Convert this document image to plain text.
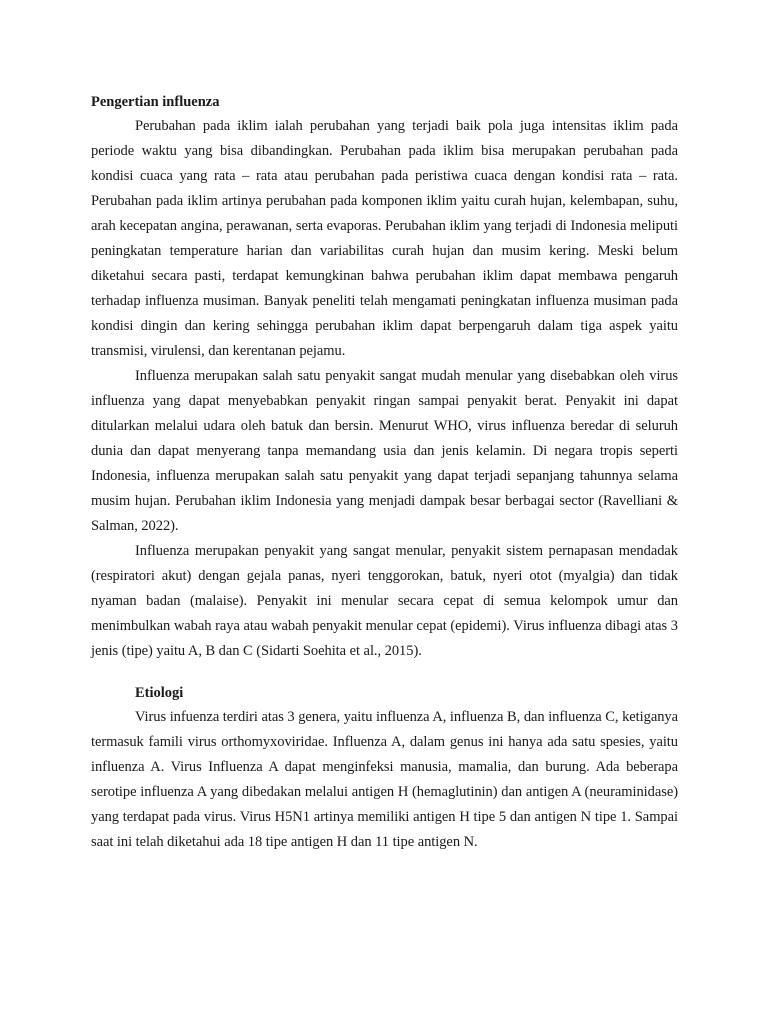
Pengertian influenza

Perubahan pada iklim ialah perubahan yang terjadi baik pola juga intensitas iklim pada periode waktu yang bisa dibandingkan. Perubahan pada iklim bisa merupakan perubahan pada kondisi cuaca yang rata – rata atau perubahan pada peristiwa cuaca dengan kondisi rata – rata. Perubahan pada iklim artinya perubahan pada komponen iklim yaitu curah hujan, kelembapan, suhu, arah kecepatan angina, perawanan, serta evaporas. Perubahan iklim yang terjadi di Indonesia meliputi peningkatan temperature harian dan variabilitas curah hujan dan musim kering. Meski belum diketahui secara pasti, terdapat kemungkinan bahwa perubahan iklim dapat membawa pengaruh terhadap influenza musiman. Banyak peneliti telah mengamati peningkatan influenza musiman pada kondisi dingin dan kering sehingga perubahan iklim dapat berpengaruh dalam tiga aspek yaitu transmisi, virulensi, dan kerentanan pejamu.

Influenza merupakan salah satu penyakit sangat mudah menular yang disebabkan oleh virus influenza yang dapat menyebabkan penyakit ringan sampai penyakit berat. Penyakit ini dapat ditularkan melalui udara oleh batuk dan bersin. Menurut WHO, virus influenza beredar di seluruh dunia dan dapat menyerang tanpa memandang usia dan jenis kelamin. Di negara tropis seperti Indonesia, influenza merupakan salah satu penyakit yang dapat terjadi sepanjang tahunnya selama musim hujan. Perubahan iklim Indonesia yang menjadi dampak besar berbagai sector (Ravelliani & Salman, 2022).

Influenza merupakan penyakit yang sangat menular, penyakit sistem pernapasan mendadak (respiratori akut) dengan gejala panas, nyeri tenggorokan, batuk, nyeri otot (myalgia) dan tidak nyaman badan (malaise). Penyakit ini menular secara cepat di semua kelompok umur dan menimbulkan wabah raya atau wabah penyakit menular cepat (epidemi). Virus influenza dibagi atas 3 jenis (tipe) yaitu A, B dan C (Sidarti Soehita et al., 2015).

Etiologi

Virus infuenza terdiri atas 3 genera, yaitu influenza A, influenza B, dan influenza C, ketiganya termasuk famili virus orthomyxoviridae. Influenza A, dalam genus ini hanya ada satu spesies, yaitu influenza A. Virus Influenza A dapat menginfeksi manusia, mamalia, dan burung. Ada beberapa serotipe influenza A yang dibedakan melalui antigen H (hemaglutinin) dan antigen A (neuraminidase) yang terdapat pada virus. Virus H5N1 artinya memiliki antigen H tipe 5 dan antigen N tipe 1. Sampai saat ini telah diketahui ada 18 tipe antigen H dan 11 tipe antigen N.
